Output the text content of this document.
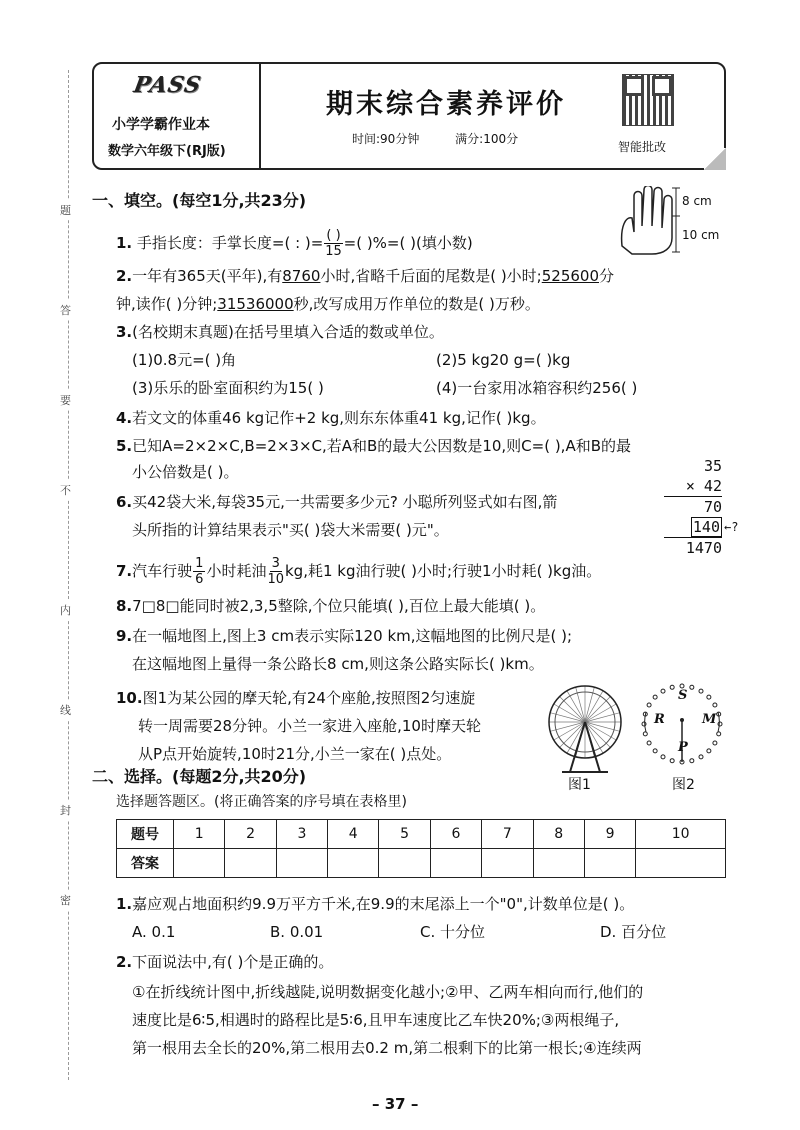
题
答
要
不
内
线
封
密
PASS
小学学霸作业本
数学六年级下(RJ版)
期末综合素养评价
时间:90分钟	满分:100分
智能批改
一、填空。(每空1分,共23分)	8 cm
10 cm
1. 手指长度：手掌长度=( : )= $\frac{( )}{15}$ =( )%=( )(填小数)
2.一年有365天(平年),有8760小时,省略千后面的尾数是( )小时;525600分
钟,读作( )分钟;31536000秒,改写成用万作单位的数是( )万秒。
3.(名校期末真题)在括号里填入合适的数或单位。
(1)0.8元=( )角	(2)5 kg20 g=( )kg
(3)乐乐的卧室面积约为15( )	(4)一台家用冰箱容积约256( )
4.若文文的体重46 kg记作+2 kg,则东东体重41 kg,记作( )kg。
5.已知A=2×2×C,B=2×3×C,若A和B的最大公因数是10,则C=( ),A和B的最
小公倍数是( )。	35
× 42
70
140 ←?
1470
6.买42袋大米,每袋35元,一共需要多少元? 小聪所列竖式如右图,箭
头所指的计算结果表示"买( )袋大米需要( )元"。
7.汽车行驶 $\frac{1}{6}$ 小时耗油 $\frac{3}{10}$ kg,耗1 kg油行驶( )小时;行驶1小时耗( )kg油。
8.7□8□能同时被2,3,5整除,个位只能填( ),百位上最大能填( )。
9.在一幅地图上,图上3 cm表示实际120 km,这幅地图的比例尺是( );
在这幅地图上量得一条公路长8 cm,则这条公路实际长( )km。
10.图1为某公园的摩天轮,有24个座舱,按照图2匀速旋
转一周需要28分钟。小兰一家进入座舱,10时摩天轮
从P点开始旋转,10时21分,小兰一家在( )点处。
图1
S
R	M
P
图2
二、选择。(每题2分,共20分)
选择题答题区。(将正确答案的序号填在表格里)
题号	1	2	3	4	5	6	7	8	9	10
答案										
1.嘉应观占地面积约9.9万平方千米,在9.9的末尾添上一个"0",计数单位是( )。
A. 0.1	B. 0.01	C. 十分位	D. 百分位
2.下面说法中,有( )个是正确的。
①在折线统计图中,折线越陡,说明数据变化越小;②甲、乙两车相向而行,他们的
速度比是6∶5,相遇时的路程比是5∶6,且甲车速度比乙车快20%;③两根绳子,
第一根用去全长的20%,第二根用去0.2 m,第二根剩下的比第一根长;④连续两
– 37 –
